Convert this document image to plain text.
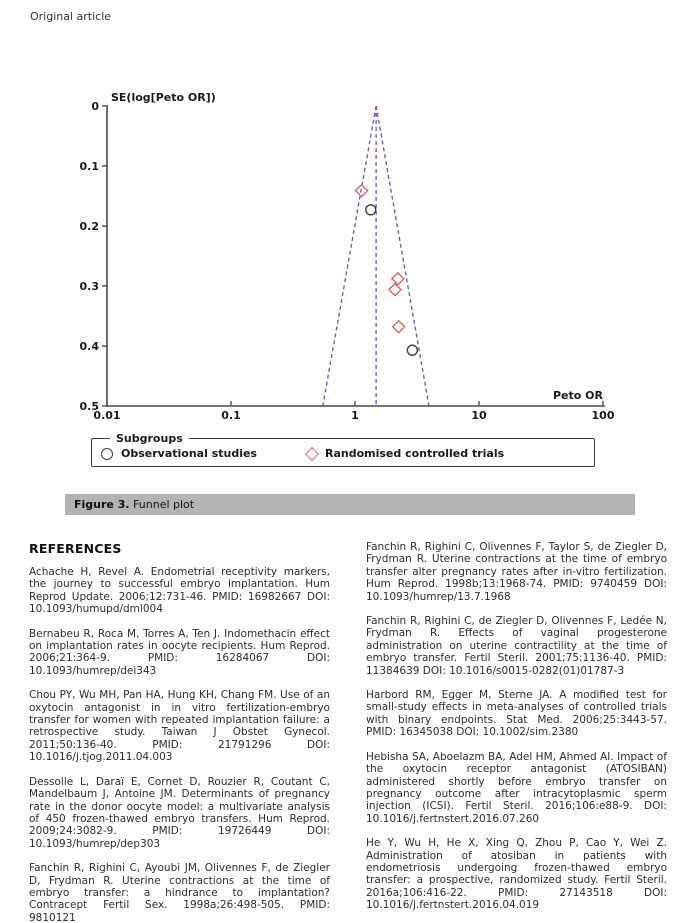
Original article
0
0.1
0.2
0.3
0.4
0.5
0.01	0.1	1	10	100
SE(log[Peto OR])
Peto OR
Subgroups
Observational studies	Randomised controlled trials
Figure 3. Funnel plot
REFERENCES

Achache H, Revel A. Endometrial receptivity markers, the journey to successful embryo implantation. Hum Reprod Update. 2006;12:731-46. PMID: 16982667 DOI: 10.1093/humupd/dml004

Bernabeu R, Roca M, Torres A, Ten J. Indomethacin effect on implantation rates in oocyte recipients. Hum Reprod. 2006;21:364-9. PMID: 16284067 DOI: 10.1093/humrep/dei343

Chou PY, Wu MH, Pan HA, Hung KH, Chang FM. Use of an oxytocin antagonist in in vitro fertilization-embryo transfer for women with repeated implantation failure: a retrospective study. Taiwan J Obstet Gynecol. 2011;50:136-40. PMID: 21791296 DOI: 10.1016/j.tjog.2011.04.003

Dessolle L, Daraï E, Cornet D, Rouzier R, Coutant C, Mandelbaum J, Antoine JM. Determinants of pregnancy rate in the donor oocyte model: a multivariate analysis of 450 frozen-thawed embryo transfers. Hum Reprod. 2009;24:3082-9. PMID: 19726449 DOI: 10.1093/humrep/dep303

Fanchin R, Righini C, Ayoubi JM, Olivennes F, de Ziegler D, Frydman R. Uterine contractions at the time of embryo transfer: a hindrance to implantation? Contracept Fertil Sex. 1998a;26:498-505. PMID: 9810121

Fanchin R, Righini C, Olivennes F, Taylor S, de Ziegler D, Frydman R. Uterine contractions at the time of embryo transfer alter pregnancy rates after in-vitro fertilization. Hum Reprod. 1998b;13:1968-74. PMID: 9740459 DOI: 10.1093/humrep/13.7.1968

Fanchin R, Righini C, de Ziegler D, Olivennes F, Ledée N, Frydman R. Effects of vaginal progesterone administration on uterine contractility at the time of embryo transfer. Fertil Steril. 2001;75:1136-40. PMID: 11384639 DOI: 10.1016/s0015-0282(01)01787-3

Harbord RM, Egger M, Sterne JA. A modified test for small-study effects in meta-analyses of controlled trials with binary endpoints. Stat Med. 2006;25:3443-57. PMID: 16345038 DOI: 10.1002/sim.2380

Hebisha SA, Aboelazm BA, Adel HM, Ahmed AI. Impact of the oxytocin receptor antagonist (ATOSIBAN) administered shortly before embryo transfer on pregnancy outcome after intracytoplasmic sperm injection (ICSI). Fertil Steril. 2016;106:e88-9. DOI: 10.1016/j.fertnstert.2016.07.260

He Y, Wu H, He X, Xing Q, Zhou P, Cao Y, Wei Z. Administration of atosiban in patients with endometriosis undergoing frozen-thawed embryo transfer: a prospective, randomized study. Fertil Steril. 2016a;106:416-22. PMID: 27143518 DOI: 10.1016/j.fertnstert.2016.04.019
